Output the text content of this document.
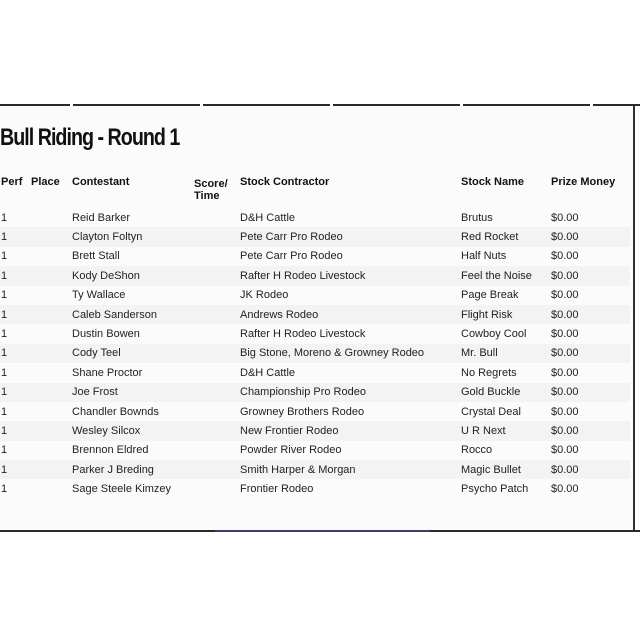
Bull Riding - Round 1
Perf	Place	Contestant	Score/ Time	Stock Contractor	Stock Name	Prize Money
1		Reid Barker		D&H Cattle	Brutus	$0.00
1		Clayton Foltyn		Pete Carr Pro Rodeo	Red Rocket	$0.00
1		Brett Stall		Pete Carr Pro Rodeo	Half Nuts	$0.00
1		Kody DeShon		Rafter H Rodeo Livestock	Feel the Noise	$0.00
1		Ty Wallace		JK Rodeo	Page Break	$0.00
1		Caleb Sanderson		Andrews Rodeo	Flight Risk	$0.00
1		Dustin Bowen		Rafter H Rodeo Livestock	Cowboy Cool	$0.00
1		Cody Teel		Big Stone, Moreno & Growney Rodeo	Mr. Bull	$0.00
1		Shane Proctor		D&H Cattle	No Regrets	$0.00
1		Joe Frost		Championship Pro Rodeo	Gold Buckle	$0.00
1		Chandler Bownds		Growney Brothers Rodeo	Crystal Deal	$0.00
1		Wesley Silcox		New Frontier Rodeo	U R Next	$0.00
1		Brennon Eldred		Powder River Rodeo	Rocco	$0.00
1		Parker J Breding		Smith Harper & Morgan	Magic Bullet	$0.00
1		Sage Steele Kimzey		Frontier Rodeo	Psycho Patch	$0.00
